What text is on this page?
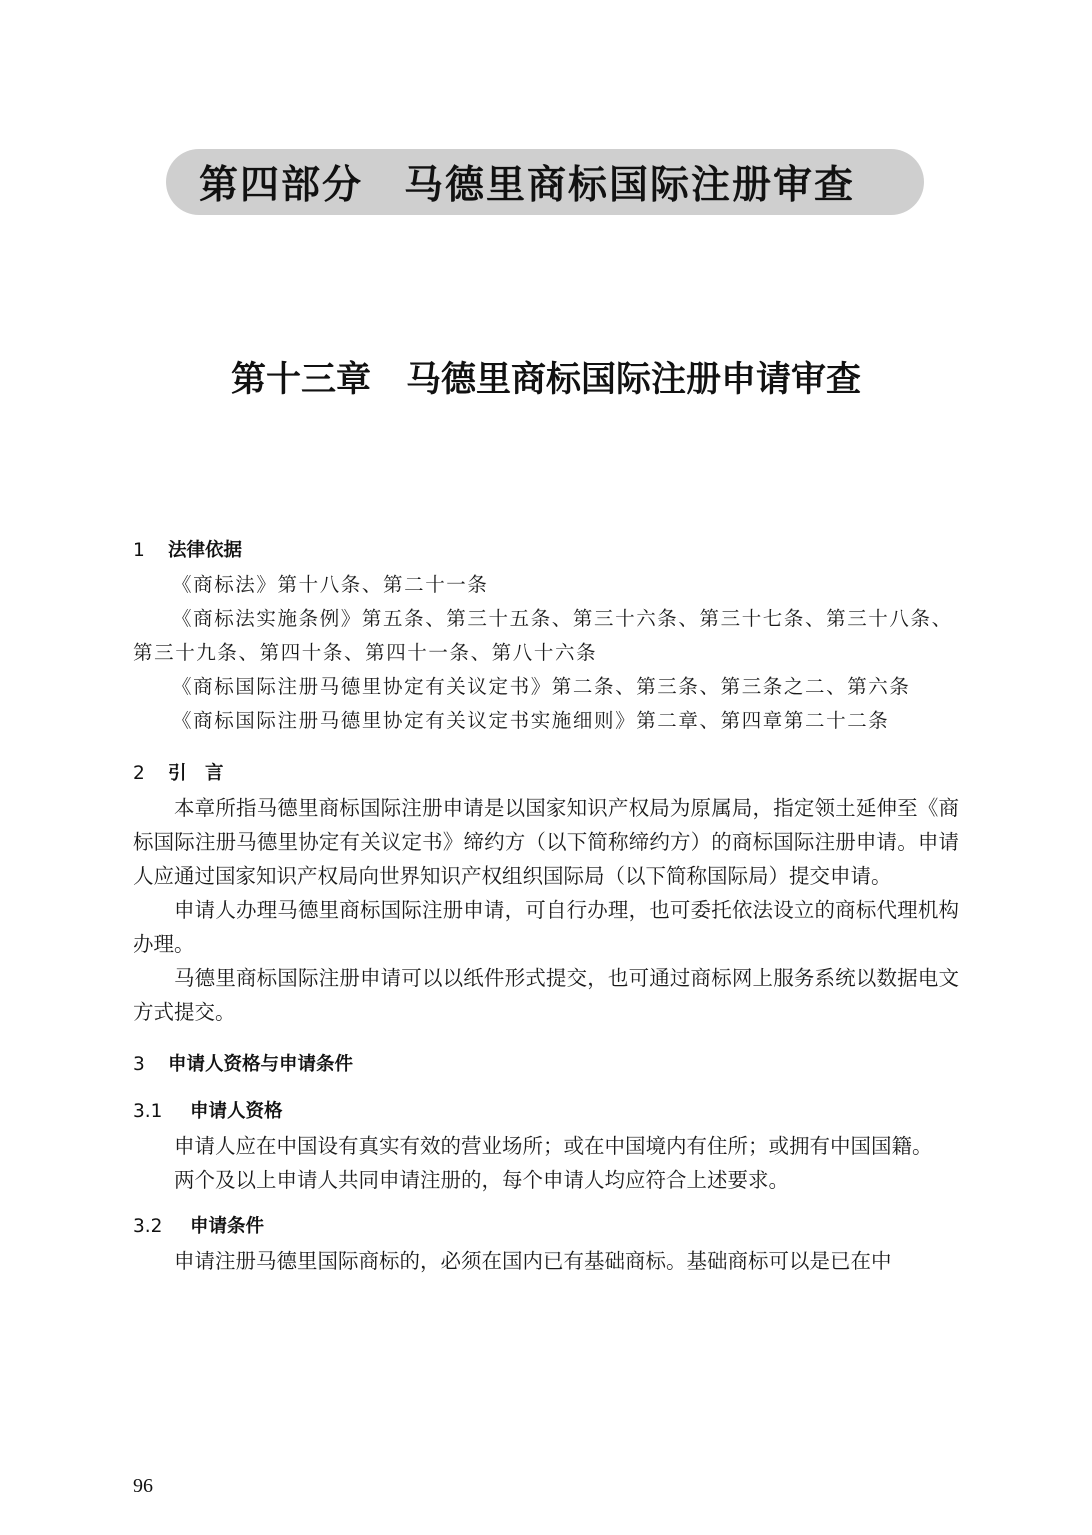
第四部分　马德里商标国际注册审查
第十三章　马德里商标国际注册申请审查
1 法律依据

《商标法》第十八条、第二十一条

《商标法实施条例》第五条、第三十五条、第三十六条、第三十七条、第三十八条、第三十九条、第四十条、第四十一条、第八十六条

《商标国际注册马德里协定有关议定书》第二条、第三条、第三条之二、第六条

《商标国际注册马德里协定有关议定书实施细则》第二章、第四章第二十二条

2 引　言

本章所指马德里商标国际注册申请是以国家知识产权局为原属局，指定领土延伸至《商标国际注册马德里协定有关议定书》缔约方（以下简称缔约方）的商标国际注册申请。申请人应通过国家知识产权局向世界知识产权组织国际局（以下简称国际局）提交申请。

申请人办理马德里商标国际注册申请，可自行办理，也可委托依法设立的商标代理机构办理。

马德里商标国际注册申请可以以纸件形式提交，也可通过商标网上服务系统以数据电文方式提交。

3 申请人资格与申请条件
3.1 申请人资格

申请人应在中国设有真实有效的营业场所；或在中国境内有住所；或拥有中国国籍。

两个及以上申请人共同申请注册的，每个申请人均应符合上述要求。

3.2 申请条件

申请注册马德里国际商标的，必须在国内已有基础商标。基础商标可以是已在中

96
